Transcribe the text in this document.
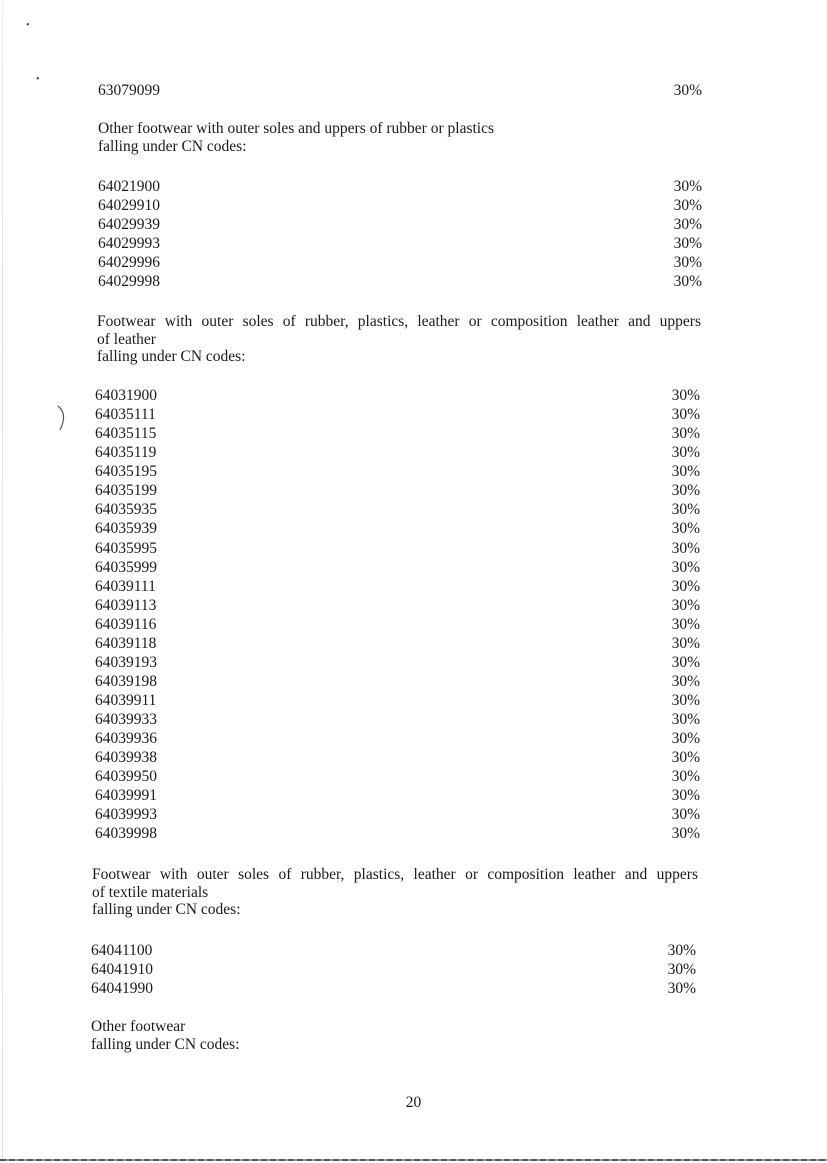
•
•
63079099	30%
Other footwear with outer soles and uppers of rubber or plastics
falling under CN codes:
64021900	30%
64029910	30%
64029939	30%
64029993	30%
64029996	30%
64029998	30%
Footwear with outer soles of rubber, plastics, leather or composition leather and uppers
of leather
falling under CN codes:
64031900	30%
64035111	30%
64035115	30%
64035119	30%
64035195	30%
64035199	30%
64035935	30%
64035939	30%
64035995	30%
64035999	30%
64039111	30%
64039113	30%
64039116	30%
64039118	30%
64039193	30%
64039198	30%
64039911	30%
64039933	30%
64039936	30%
64039938	30%
64039950	30%
64039991	30%
64039993	30%
64039998	30%
Footwear with outer soles of rubber, plastics, leather or composition leather and uppers
of textile materials
falling under CN codes:
64041100	30%
64041910	30%
64041990	30%
Other footwear
falling under CN codes:
20
